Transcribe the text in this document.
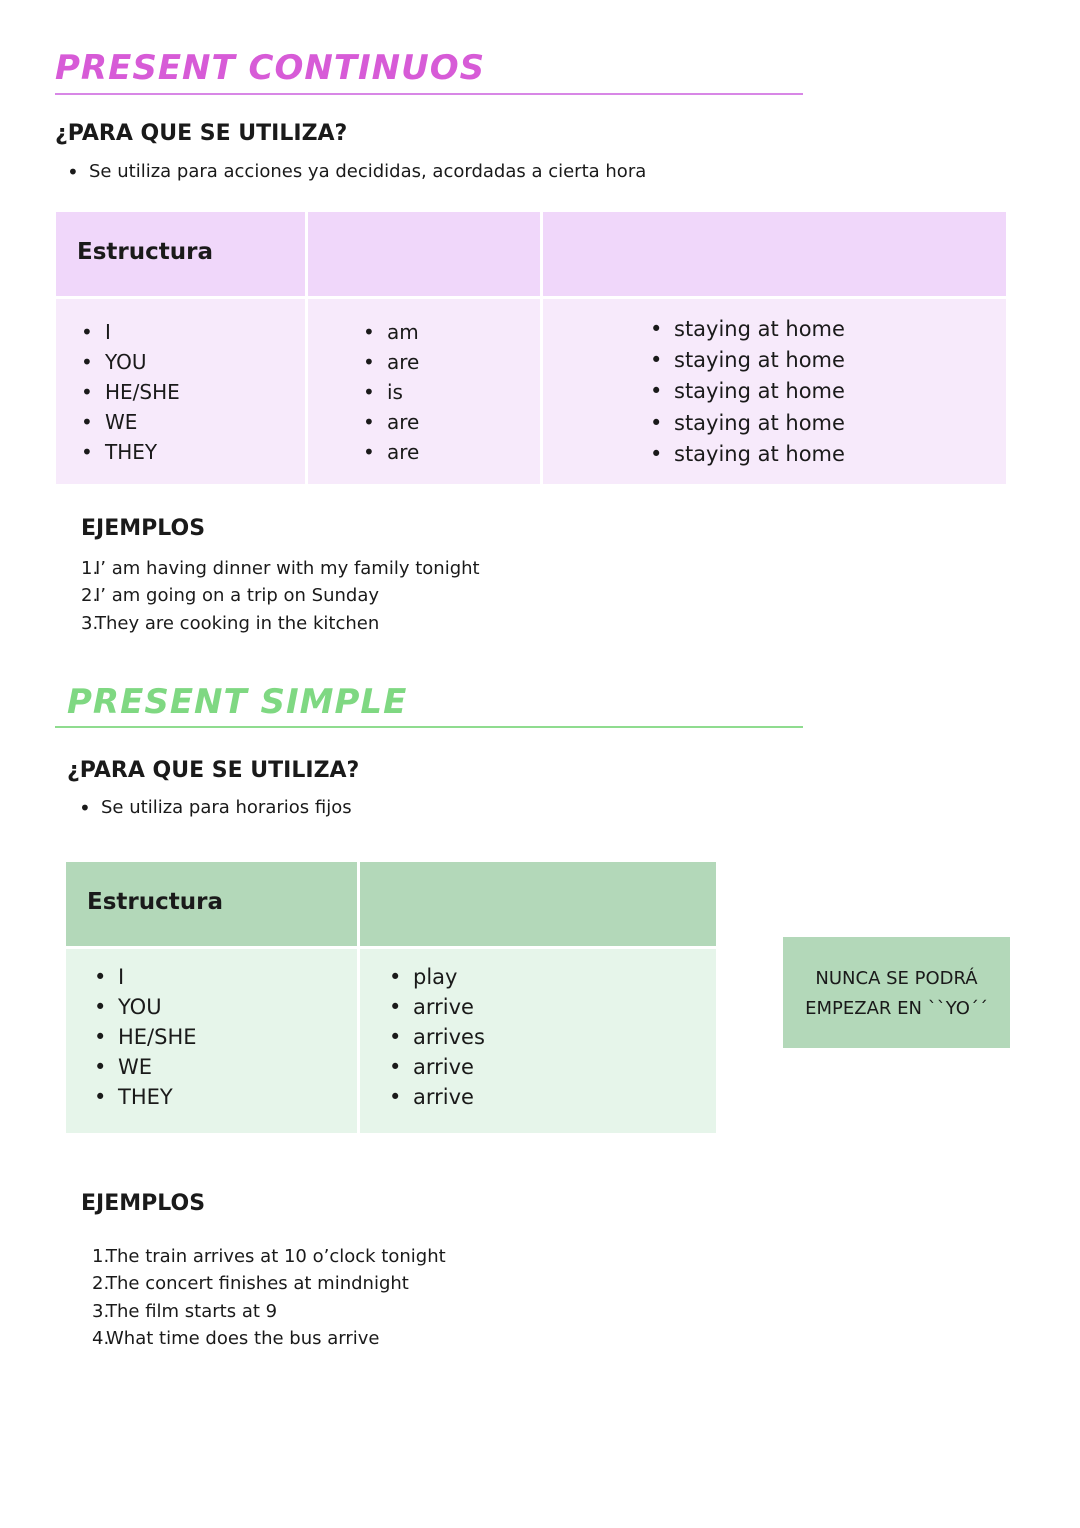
PRESENT CONTINUOS
¿PARA QUE SE UTILIZA?
• Se utiliza para acciones ya decididas, acordadas a cierta hora
Estructura
• I
• YOU
• HE/SHE
• WE
• THEY
• am
• are
• is
• are
• are
• staying at home
• staying at home
• staying at home
• staying at home
• staying at home
EJEMPLOS
1.I’ am having dinner with my family tonight
2.I’ am going on a trip on Sunday
3.They are cooking in the kitchen
PRESENT SIMPLE
¿PARA QUE SE UTILIZA?
• Se utiliza para horarios fijos
Estructura
• I
• YOU
• HE/SHE
• WE
• THEY
• play
• arrive
• arrives
• arrive
• arrive
NUNCA SE PODRÁ
EMPEZAR EN ``YO´´
EJEMPLOS
1.The train arrives at 10 o’clock tonight
2.The concert finishes at mindnight
3.The film starts at 9
4.What time does the bus arrive
